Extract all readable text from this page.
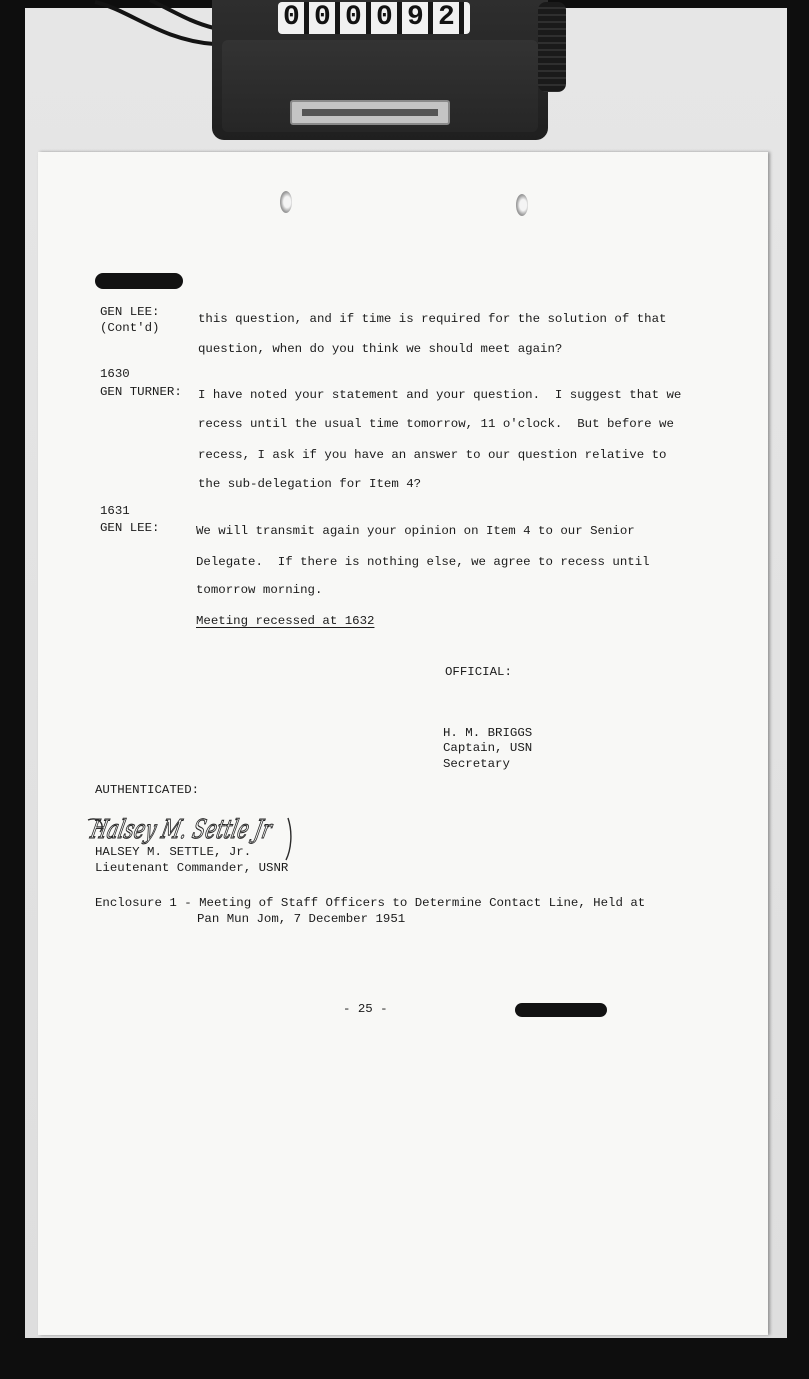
000092
GEN LEE:
(Cont'd)
this question, and if time is required for the solution of that
question, when do you think we should meet again?
1630
GEN TURNER: I have noted your statement and your question.  I suggest that we
recess until the usual time tomorrow, 11 o'clock.  But before we
recess, I ask if you have an answer to our question relative to
the sub-delegation for Item 4?
1631
GEN LEE:	We will transmit again your opinion on Item 4 to our Senior
Delegate.  If there is nothing else, we agree to recess until
tomorrow morning.
Meeting recessed at 1632
OFFICIAL:
H. M. BRIGGS
Captain, USN
Secretary
AUTHENTICATED:
Halsey M. Settle Jr
HALSEY M. SETTLE, Jr.
Lieutenant Commander, USNR
Enclosure 1 - Meeting of Staff Officers to Determine Contact Line, Held at
Pan Mun Jom, 7 December 1951
- 25 -
